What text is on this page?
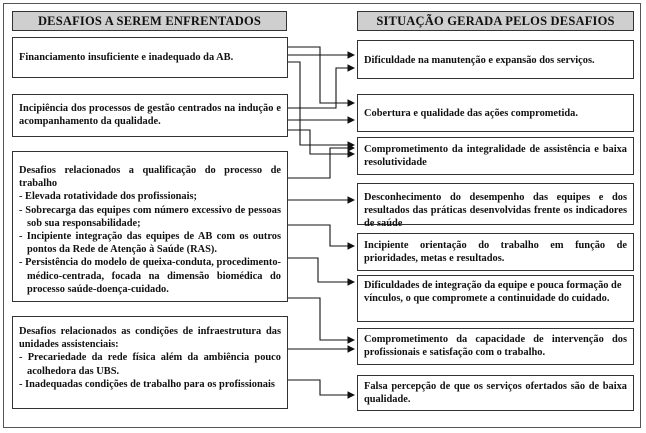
DESAFIOS A SEREM ENFRENTADOS	SITUAÇÃO GERADA PELOS DESAFIOS
Financiamento insuficiente e inadequado da AB.
Incipiência dos processos de gestão centrados na indução e acompanhamento da qualidade.
Desafios relacionados a qualificação do processo de trabalho
- Elevada rotatividade dos profissionais;
- Sobrecarga das equipes com número excessivo de pessoas sob sua responsabilidade;
- Incipiente integração das equipes de AB com os outros pontos da Rede de Atenção à Saúde (RAS).
- Persistência do modelo de queixa-conduta, procedimento-médico-centrada, focada na dimensão biomédica do processo saúde-doença-cuidado.
Desafios relacionados as condições de infraestrutura das unidades assistenciais:
- Precariedade da rede física além da ambiência pouco acolhedora das UBS.
- Inadequadas condições de trabalho para os profissionais
Dificuldade na manutenção e expansão dos serviços.
Cobertura e qualidade das ações comprometida.
Comprometimento da integralidade de assistência e baixa resolutividade
Desconhecimento do desempenho das equipes e dos resultados das práticas desenvolvidas frente os indicadores de saúde
Incipiente orientação do trabalho em função de prioridades, metas e resultados.
Dificuldades de integração da equipe e pouca formação de vínculos, o que compromete a continuidade do cuidado.
Comprometimento da capacidade de intervenção dos profissionais e satisfação com o trabalho.
Falsa percepção de que os serviços ofertados são de baixa qualidade.
